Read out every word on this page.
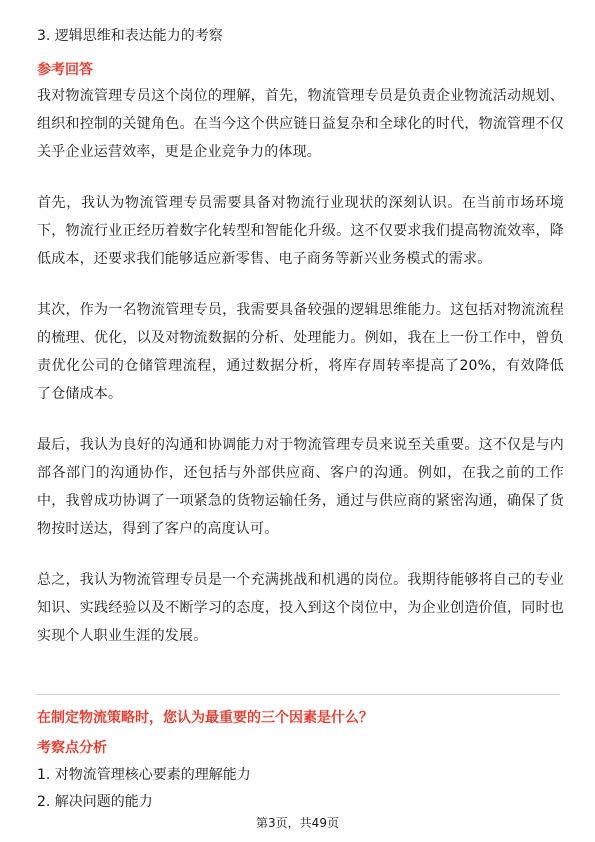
3. 逻辑思维和表达能力的考察
参考回答

我对物流管理专员这个岗位的理解，首先，物流管理专员是负责企业物流活动规划、组织和控制的关键角色。在当今这个供应链日益复杂和全球化的时代，物流管理不仅关乎企业运营效率，更是企业竞争力的体现。

首先，我认为物流管理专员需要具备对物流行业现状的深刻认识。在当前市场环境下，物流行业正经历着数字化转型和智能化升级。这不仅要求我们提高物流效率，降低成本，还要求我们能够适应新零售、电子商务等新兴业务模式的需求。

其次，作为一名物流管理专员，我需要具备较强的逻辑思维能力。这包括对物流流程的梳理、优化，以及对物流数据的分析、处理能力。例如，我在上一份工作中，曾负责优化公司的仓储管理流程，通过数据分析，将库存周转率提高了20%，有效降低了仓储成本。

最后，我认为良好的沟通和协调能力对于物流管理专员来说至关重要。这不仅是与内部各部门的沟通协作，还包括与外部供应商、客户的沟通。例如，在我之前的工作中，我曾成功协调了一项紧急的货物运输任务，通过与供应商的紧密沟通，确保了货物按时送达，得到了客户的高度认可。

总之，我认为物流管理专员是一个充满挑战和机遇的岗位。我期待能够将自己的专业知识、实践经验以及不断学习的态度，投入到这个岗位中，为企业创造价值，同时也实现个人职业生涯的发展。

在制定物流策略时，您认为最重要的三个因素是什么？
考察点分析
1. 对物流管理核心要素的理解能力
2. 解决问题的能力
第3页，共49页
